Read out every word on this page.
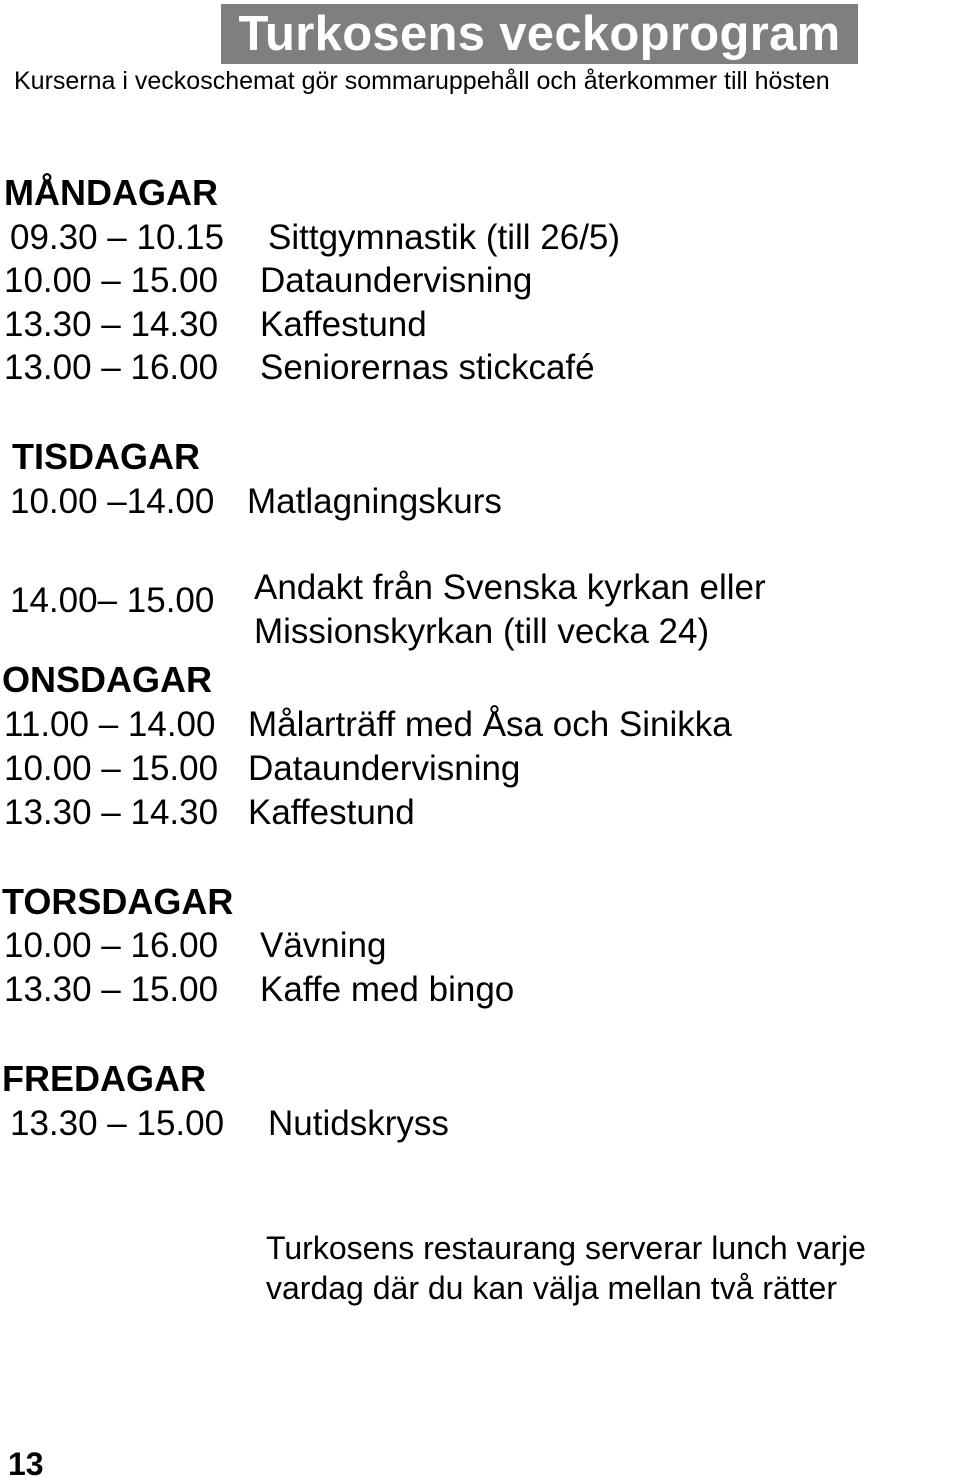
Turkosens veckoprogram
Kurserna i veckoschemat gör sommaruppehåll och återkommer till hösten
MÅNDAGAR
09.30 – 10.15 Sittgymnastik (till 26/5)
10.00 – 15.00 Dataundervisning
13.30 – 14.30 Kaffestund
13.00 – 16.00 Seniorernas stickcafé
TISDAGAR
10.00 –14.00 Matlagningskurs
14.00– 15.00 Andakt från Svenska kyrkan eller
Missionskyrkan (till vecka 24)
ONSDAGAR
11.00 – 14.00 Målarträff med Åsa och Sinikka
10.00 – 15.00 Dataundervisning
13.30 – 14.30 Kaffestund
TORSDAGAR
10.00 – 16.00 Vävning
13.30 – 15.00 Kaffe med bingo
FREDAGAR
13.30 – 15.00 Nutidskryss
Turkosens restaurang serverar lunch varje
vardag där du kan välja mellan två rätter
13
